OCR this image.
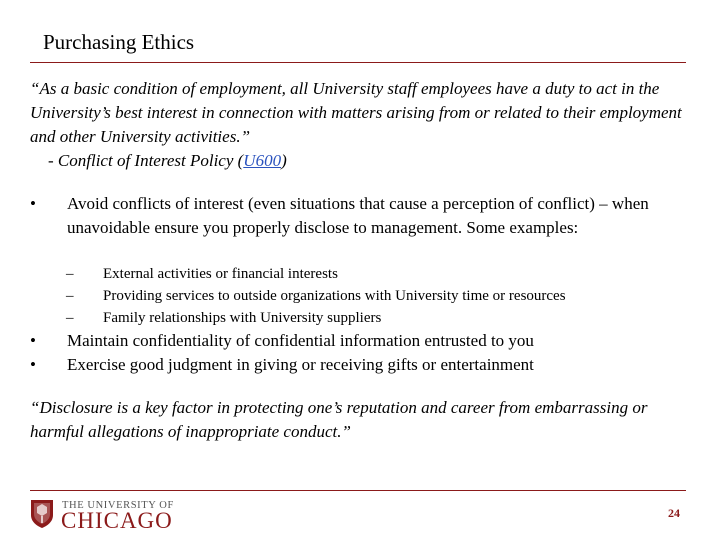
Purchasing Ethics
“As a basic condition of employment, all University staff employees have a duty to act in the University’s best interest in connection with matters arising from or related to their employment and other University activities.”
- Conflict of Interest Policy (U600)
• Avoid conflicts of interest (even situations that cause a perception of conflict) – when unavoidable ensure you properly disclose to management. Some examples:
– External activities or financial interests
– Providing services to outside organizations with University time or resources
– Family relationships with University suppliers
• Maintain confidentiality of confidential information entrusted to you
• Exercise good judgment in giving or receiving gifts or entertainment
“Disclosure is a key factor in protecting one’s reputation and career from embarrassing or harmful allegations of inappropriate conduct.”
THE UNIVERSITY OF
CHICAGO	24
